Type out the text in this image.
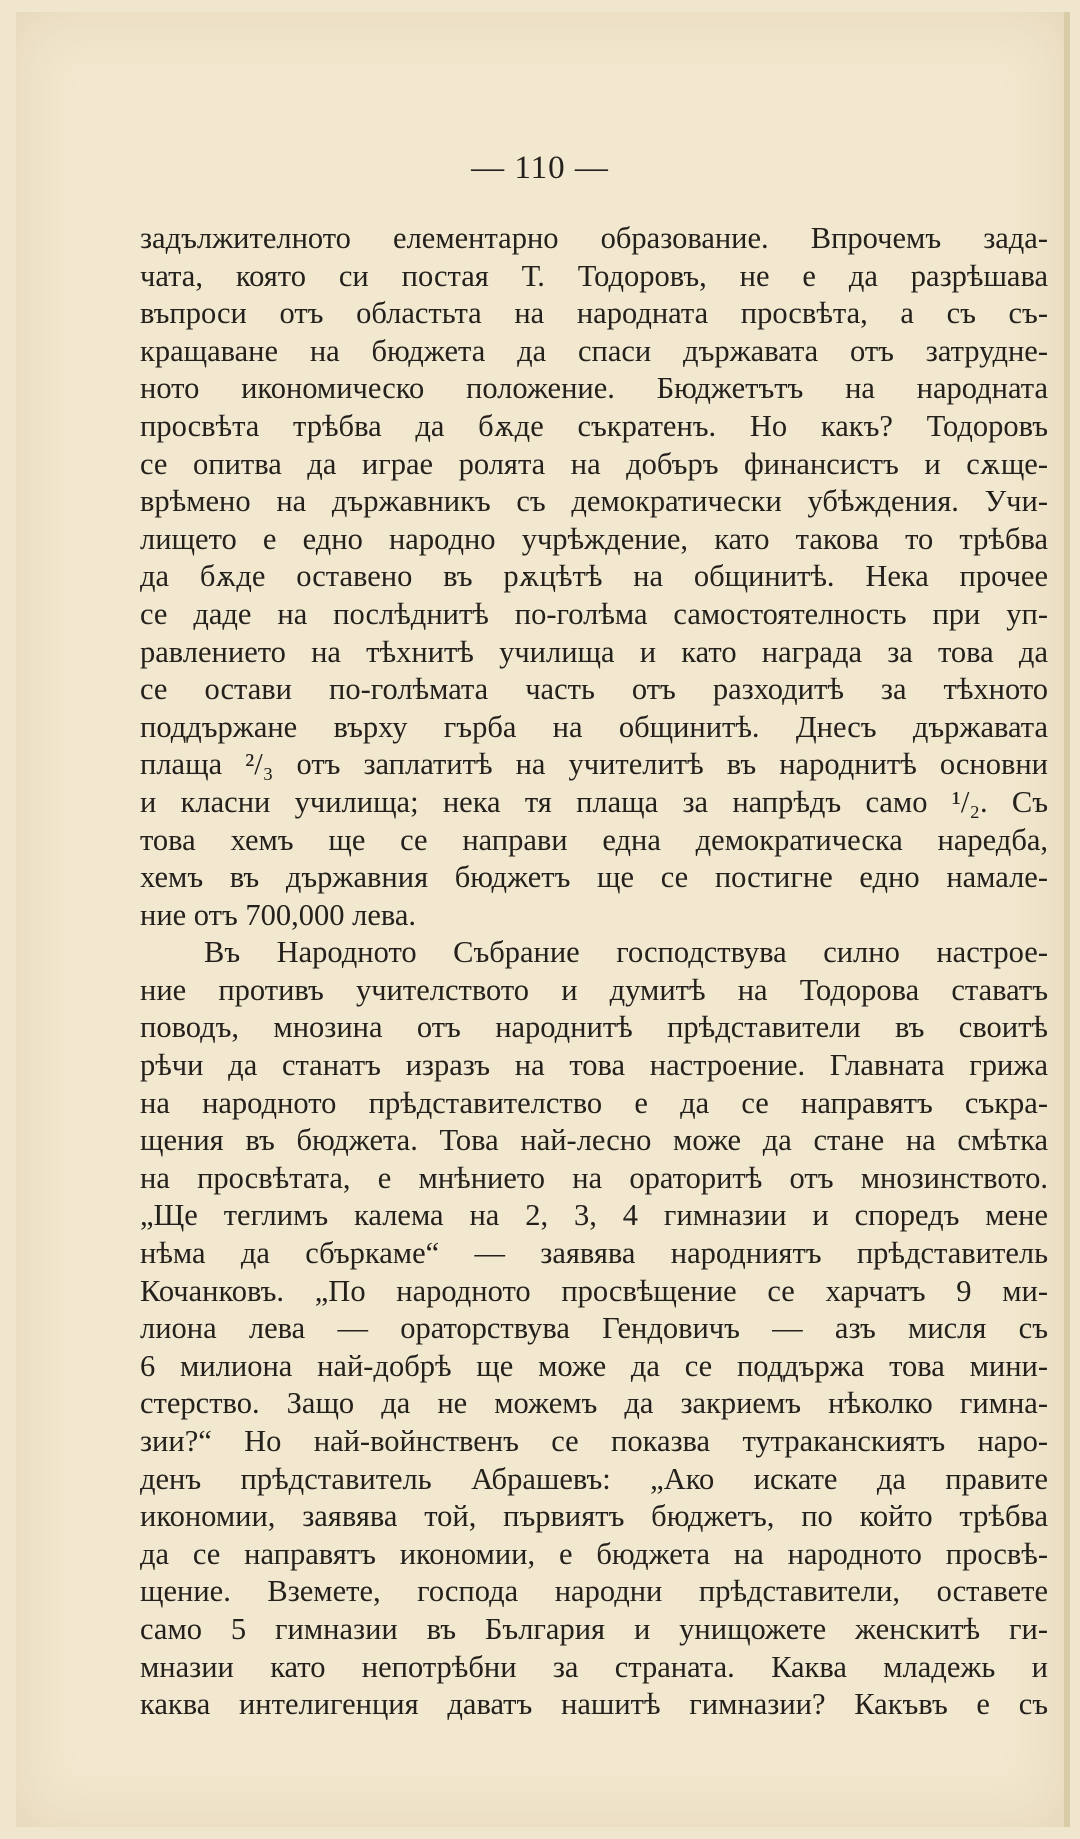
— 110 —

задължителното елементарно образование. Впрочемъ зада-
чата, която си постая Т. Тодоровъ, не е да разрѣшава
въпроси отъ областьта на народната просвѣта, а съ съ-
кращаване на бюджета да спаси държавата отъ затрудне-
ното икономическо положение. Бюджетътъ на народната
просвѣта трѣбва да бѫде съкратенъ. Но какъ? Тодоровъ
се опитва да играе ролята на добъръ финансистъ и сѫще-
врѣмено на държавникъ съ демократически убѣждения. Учи-
лището е едно народно учрѣждение, като такова то трѣбва
да бѫде оставено въ рѫцѣтѣ на общинитѣ. Нека прочее
се даде на послѣднитѣ по-голѣма самостоятелность при уп-
равлението на тѣхнитѣ училища и като награда за това да
се остави по-голѣмата часть отъ разходитѣ за тѣхното
поддържане върху гърба на общинитѣ. Днесъ държавата
плаща ²/₃ отъ заплатитѣ на учителитѣ въ народнитѣ основни
и класни училища; нека тя плаща за напрѣдъ само ¹/₂. Съ
това хемъ ще се направи една демократическа наредба,
хемъ въ държавния бюджетъ ще се постигне едно намале-
ние отъ 700,000 лева.

Въ Народното Събрание господствува силно настрое-
ние противъ учителството и думитѣ на Тодорова ставатъ
поводъ, мнозина отъ народнитѣ прѣдставители въ своитѣ
рѣчи да станатъ изразъ на това настроение. Главната грижа
на народното прѣдставителство е да се направятъ съкра-
щения въ бюджета. Това най-лесно може да стане на смѣтка
на просвѣтата, е мнѣнието на ораторитѣ отъ мнозинството.
„Ще теглимъ калема на 2, 3, 4 гимназии и споредъ мене
нѣма да сбъркаме“ — заявява народниятъ прѣдставитель
Кочанковъ. „По народното просвѣщение се харчатъ 9 ми-
лиона лева — ораторствува Гендовичъ — азъ мисля съ
6 милиона най-добрѣ ще може да се поддържа това мини-
стерство. Защо да не можемъ да закриемъ нѣколко гимна-
зии?“ Но най-войнственъ се показва тутраканскиятъ наро-
денъ прѣдставитель Абрашевъ: „Ако искате да правите
икономии, заявява той, първиятъ бюджетъ, по който трѣбва
да се направятъ икономии, е бюджета на народното просвѣ-
щение. Вземете, господа народни прѣдставители, оставете
само 5 гимназии въ България и унищожете женскитѣ ги-
мназии като непотрѣбни за страната. Каква младежь и
каква интелигенция даватъ нашитѣ гимназии? Какъвъ е съ
